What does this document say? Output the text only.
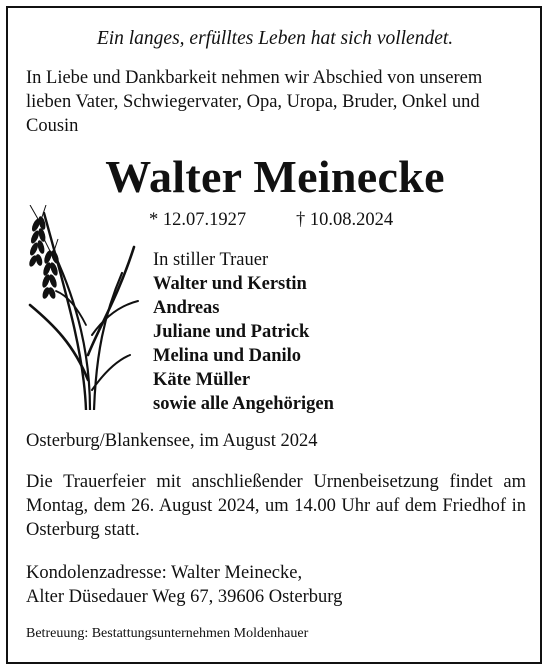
Ein langes, erfülltes Leben hat sich vollendet.
In Liebe und Dankbarkeit nehmen wir Abschied von unserem lieben Vater, Schwiegervater, Opa, Uropa, Bruder, Onkel und Cousin
Walter Meinecke
* 12.07.1927	† 10.08.2024
In stiller Trauer
Walter und Kerstin
Andreas
Juliane und Patrick
Melina und Danilo
Käte Müller
sowie alle Angehörigen
Osterburg/Blankensee, im August 2024
Die Trauerfeier mit anschließender Urnenbeisetzung findet am Montag, dem 26. August 2024, um 14.00 Uhr auf dem Friedhof in Osterburg statt.
Kondolenzadresse: Walter Meinecke,
Alter Düsedauer Weg 67, 39606 Osterburg
Betreuung: Bestattungsunternehmen Moldenhauer
